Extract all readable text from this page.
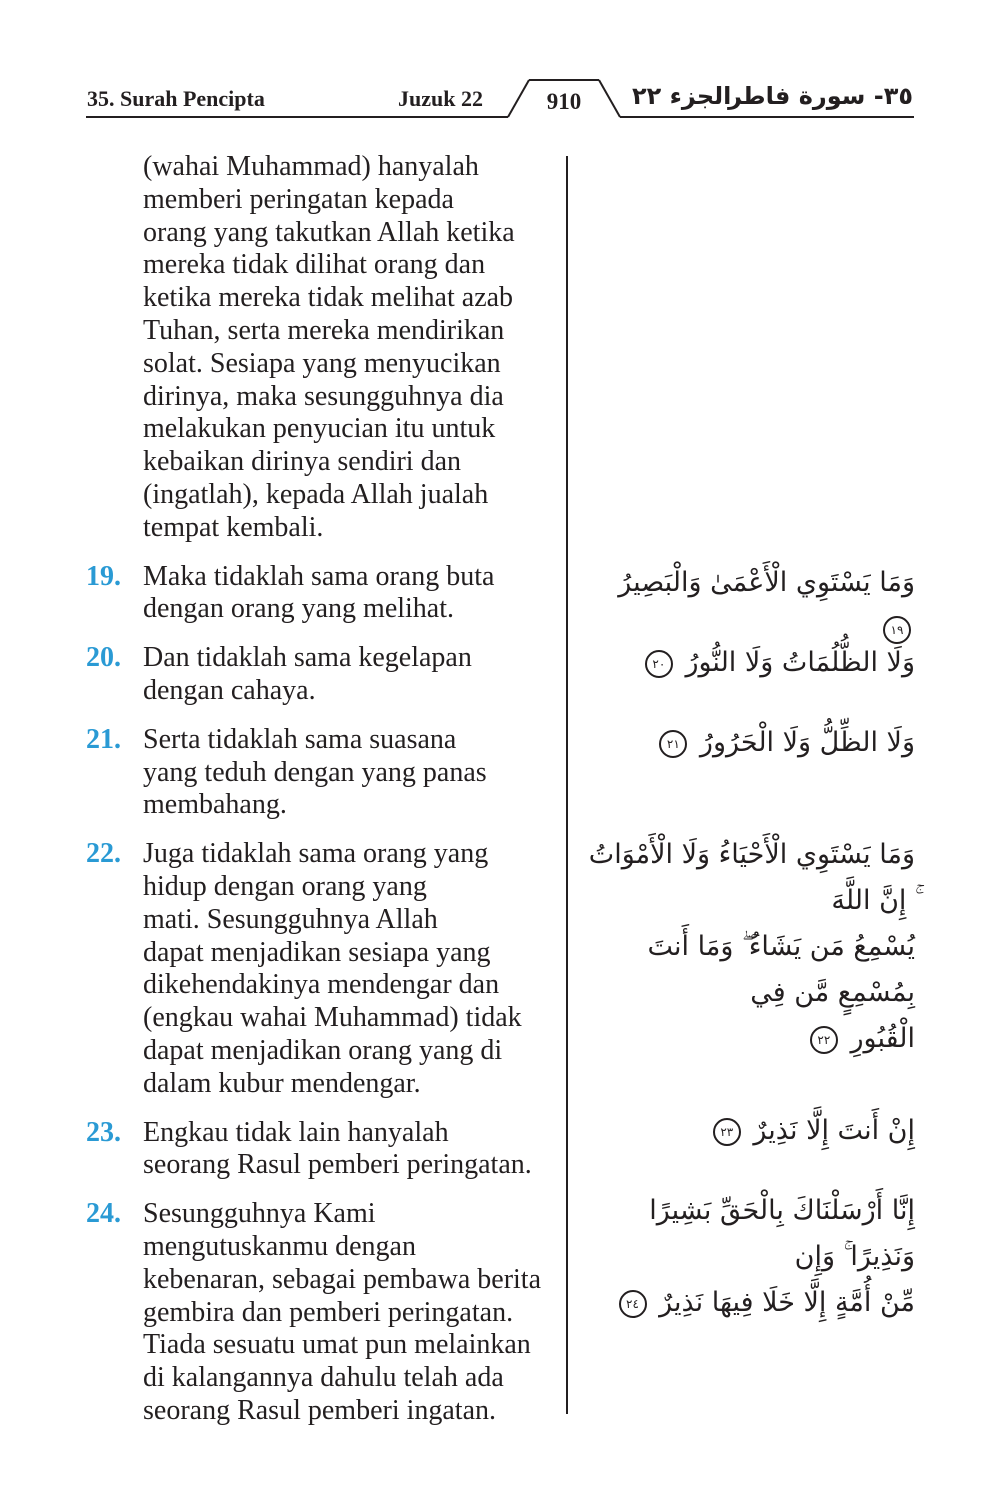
35. Surah Pencipta	Juzuk 22	910	الجزء ٢٢
٣٥- سورة فاطر
(wahai Muhammad) hanyalah
memberi peringatan kepada
orang yang takutkan Allah ketika
mereka tidak dilihat orang dan
ketika mereka tidak melihat azab
Tuhan, serta mereka mendirikan
solat. Sesiapa yang menyucikan
dirinya, maka sesungguhnya dia
melakukan penyucian itu untuk
kebaikan dirinya sendiri dan
(ingatlah), kepada Allah jualah
tempat kembali.
19. Maka tidaklah sama orang buta
dengan orang yang melihat.
20. Dan tidaklah sama kegelapan
dengan cahaya.
21. Serta tidaklah sama suasana
yang teduh dengan yang panas
membahang.
22. Juga tidaklah sama orang yang
hidup dengan orang yang
mati. Sesungguhnya Allah
dapat menjadikan sesiapa yang
dikehendakinya mendengar dan
(engkau wahai Muhammad) tidak
dapat menjadikan orang yang di
dalam kubur mendengar.
23. Engkau tidak lain hanyalah
seorang Rasul pemberi peringatan.
24. Sesungguhnya Kami
mengutuskanmu dengan
kebenaran, sebagai pembawa berita
gembira dan pemberi peringatan.
Tiada sesuatu umat pun melainkan
di kalangannya dahulu telah ada
seorang Rasul pemberi ingatan.
وَمَا يَسْتَوِي الْأَعْمَىٰ وَالْبَصِيرُ ١٩
وَلَا الظُّلُمَاتُ وَلَا النُّورُ ٢٠
وَلَا الظِّلُّ وَلَا الْحَرُورُ ٢١
وَمَا يَسْتَوِي الْأَحْيَاءُ وَلَا الْأَمْوَاتُ ۚ إِنَّ اللَّهَ
يُسْمِعُ مَن يَشَاءُ ۖ وَمَا أَنتَ بِمُسْمِعٍ مَّن فِي
الْقُبُورِ ٢٢
إِنْ أَنتَ إِلَّا نَذِيرٌ ٢٣
إِنَّا أَرْسَلْنَاكَ بِالْحَقِّ بَشِيرًا وَنَذِيرًا ۚ وَإِن
مِّنْ أُمَّةٍ إِلَّا خَلَا فِيهَا نَذِيرٌ ٢٤
